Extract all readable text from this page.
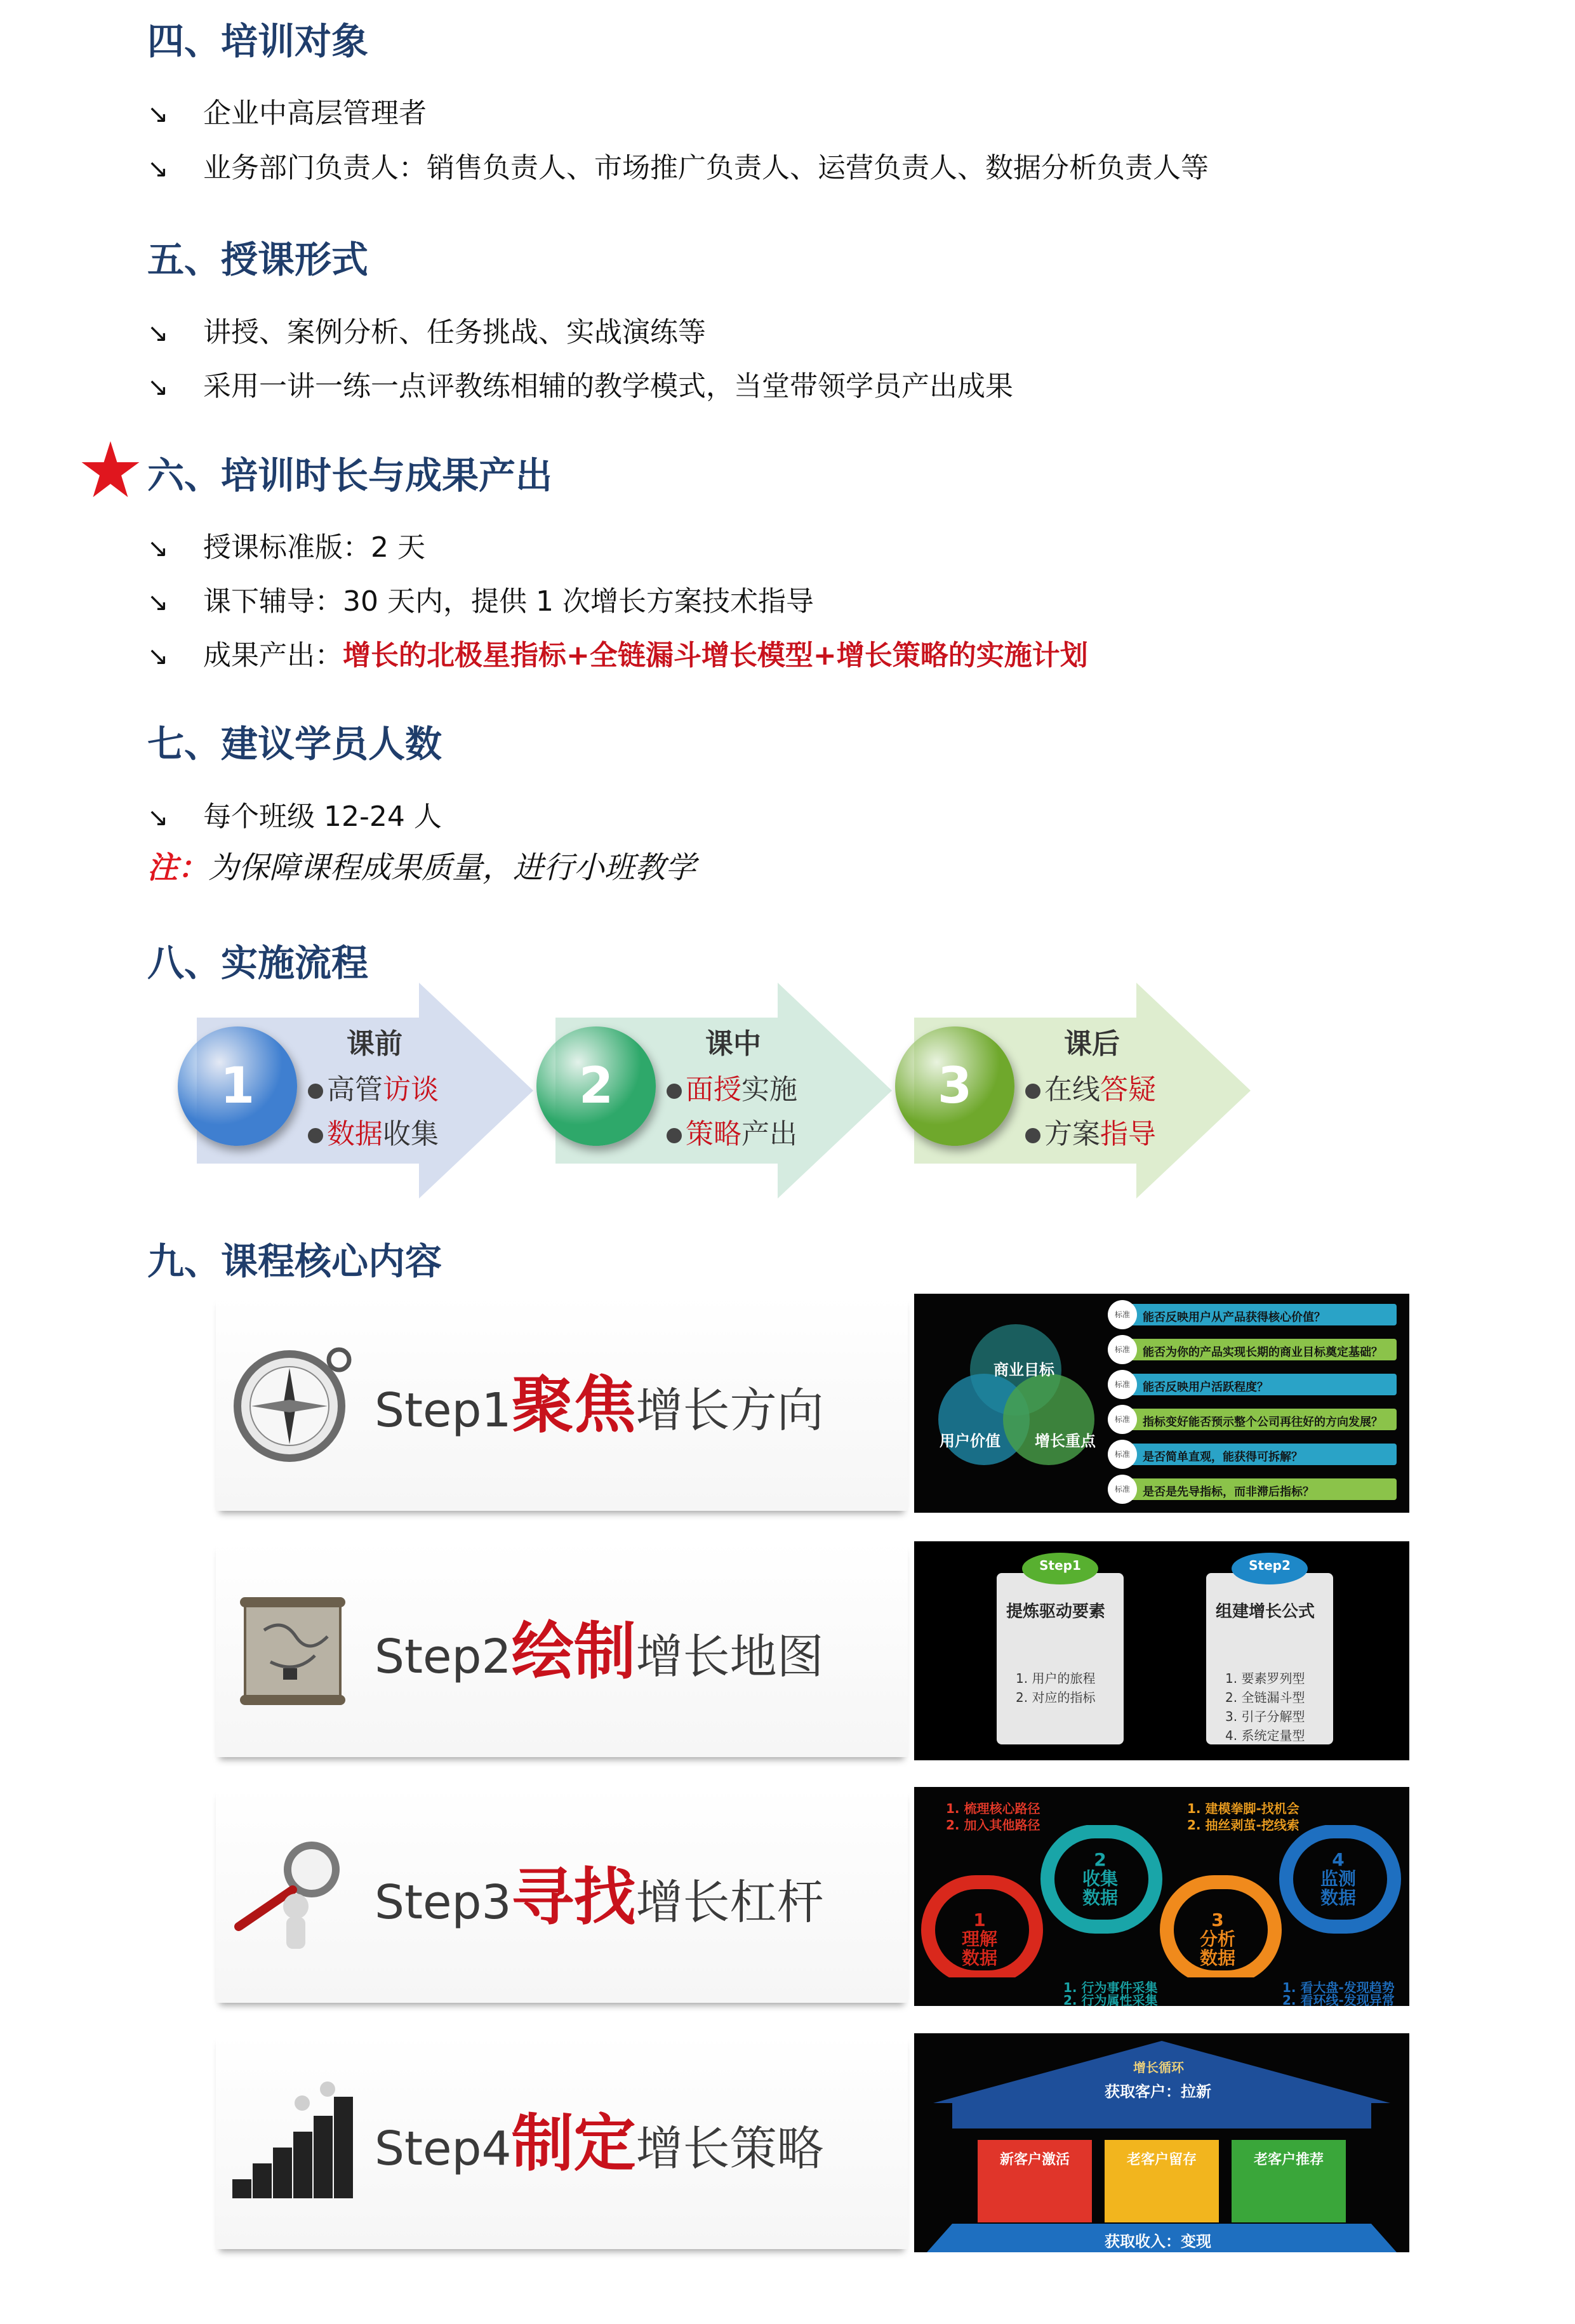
四、培训对象
↘ 企业中高层管理者
↘ 业务部门负责人：销售负责人、市场推广负责人、运营负责人、数据分析负责人等
五、授课形式
↘ 讲授、案例分析、任务挑战、实战演练等
↘ 采用一讲一练一点评教练相辅的教学模式，当堂带领学员产出成果
六、培训时长与成果产出
↘ 授课标准版：2 天
↘ 课下辅导：30 天内，提供 1 次增长方案技术指导
↘ 成果产出：增长的北极星指标+全链漏斗增长模型+增长策略的实施计划
七、建议学员人数
↘ 每个班级 12-24 人
注：为保障课程成果质量，进行小班教学
八、实施流程
1
课前
高管访谈
数据收集
2
课中
面授实施
策略产出
3
课后
在线答疑
方案指导
九、课程核心内容
Step1聚焦增长方向
Step2绘制增长地图
Step3寻找增长杠杆
Step4制定增长策略
商业目标
用户价值 增长重点
标准	能否反映用户从产品获得核心价值？
标准	能否为你的产品实现长期的商业目标奠定基础？
标准	能否反映用户活跃程度？
标准	指标变好能否预示整个公司再往好的方向发展？
标准	是否简单直观，能获得可拆解？
标准	是否是先导指标，而非滞后指标？
Step1
提炼驱动要素
1. 用户的旅程
2. 对应的指标
Step2
组建增长公式
1. 要素罗列型
2. 全链漏斗型
3. 引子分解型
4. 系统定量型
1. 梳理核心路径
2. 加入其他路径
1. 建模拳脚-找机会
2. 抽丝剥茧-挖线索
1
理解
数据
2
收集
数据
3
分析
数据
4
监测
数据
1. 行为事件采集
2. 行为属性采集
1. 看大盘-发现趋势
2. 看环线-发现异常
增长循环
获取客户：拉新
新客户激活	老客户留存	老客户推荐
获取收入：变现
